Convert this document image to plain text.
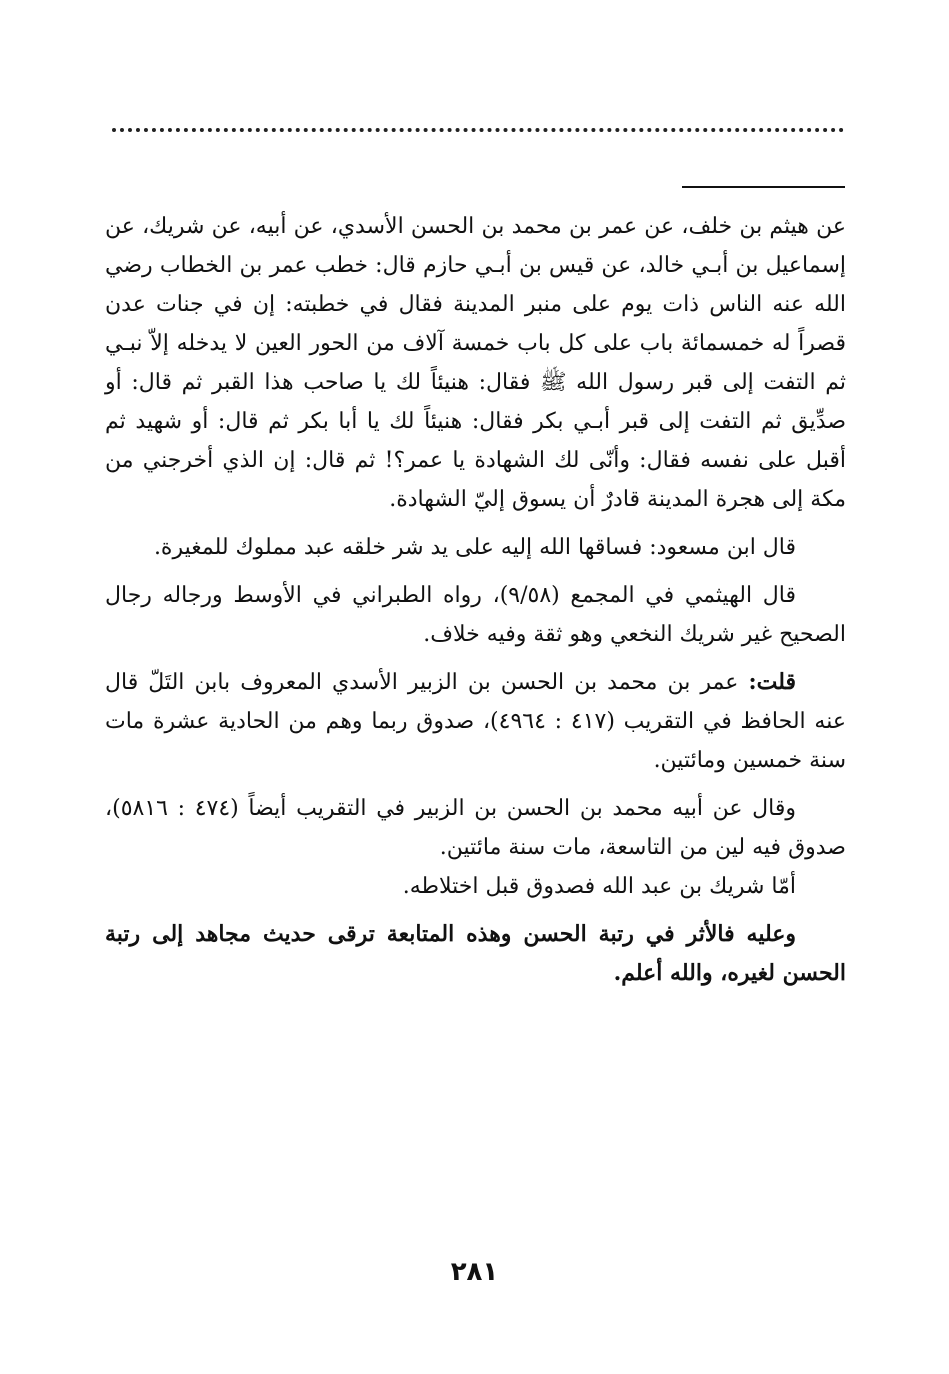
عن هيثم بن خلف، عن عمر بن محمد بن الحسن الأسدي، عن أبيه، عن شريك، عن إسماعيل بن أبـي خالد، عن قيس بن أبـي حازم قال: خطب عمر بن الخطاب رضي الله عنه الناس ذات يوم على منبر المدينة فقال في خطبته: إن في جنات عدن قصراً له خمسمائة باب على كل باب خمسة آلاف من الحور العين لا يدخله إلاّ نبـي ثم التفت إلى قبر رسول الله ﷺ فقال: هنيئاً لك يا صاحب هذا القبر ثم قال: أو صدِّيق ثم التفت إلى قبر أبـي بكر فقال: هنيئاً لك يا أبا بكر ثم قال: أو شهيد ثم أقبل على نفسه فقال: وأنّى لك الشهادة يا عمر؟! ثم قال: إن الذي أخرجني من مكة إلى هجرة المدينة قادرٌ أن يسوق إليّ الشهادة.

قال ابن مسعود: فساقها الله إليه على يد شر خلقه عبد مملوك للمغيرة.

قال الهيثمي في المجمع (٩/٥٨)، رواه الطبراني في الأوسط ورجاله رجال الصحيح غير شريك النخعي وهو ثقة وفيه خلاف.

قلت: عمر بن محمد بن الحسن بن الزبير الأسدي المعروف بابن التَلّ قال عنه الحافظ في التقريب (٤١٧ : ٤٩٦٤)، صدوق ربما وهم من الحادية عشرة مات سنة خمسين ومائتين.

وقال عن أبيه محمد بن الحسن بن الزبير في التقريب أيضاً (٤٧٤ : ٥٨١٦)، صدوق فيه لين من التاسعة، مات سنة مائتين.

أمّا شريك بن عبد الله فصدوق قبل اختلاطه.

وعليه فالأثر في رتبة الحسن وهذه المتابعة ترقى حديث مجاهد إلى رتبة الحسن لغيره، والله أعلم.

٢٨١
